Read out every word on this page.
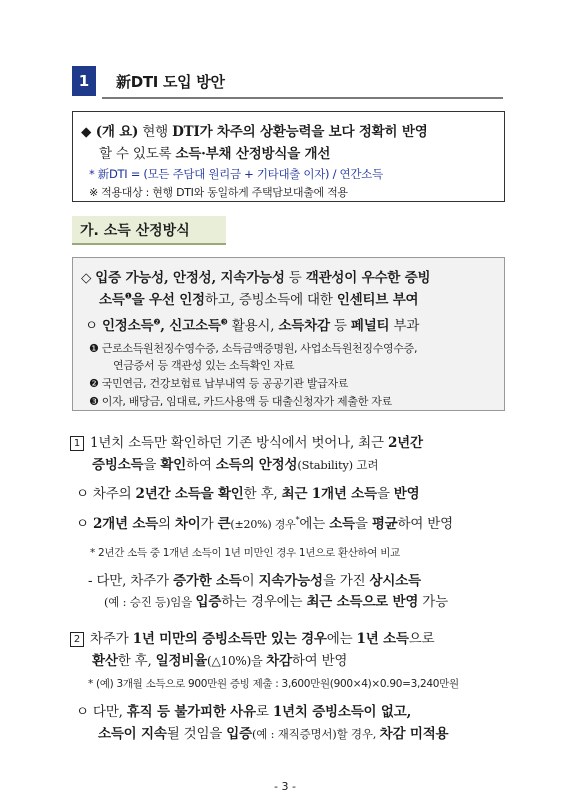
1	新DTI 도입 방안
◆ (개 요) 현행 DTI가 차주의 상환능력을 보다 정확히 반영
할 수 있도록 소득·부채 산정방식을 개선
* 新DTI = (모든 주담대 원리금 + 기타대출 이자) / 연간소득
※ 적용대상 : 현행 DTI와 동일하게 주택담보대출에 적용
가. 소득 산정방식
◇ 입증 가능성, 안정성, 지속가능성 등 객관성이 우수한 증빙
소득$^❶$을 우선 인정하고, 증빙소득에 대한 인센티브 부여
ㅇ 인정소득$^❷$, 신고소득$^❸$ 활용시, 소득차감 등 페널티 부과
❶ 근로소득원천징수영수증, 소득금액증명원, 사업소득원천징수영수증,
연금증서 등 객관성 있는 소득확인 자료
❷ 국민연금, 건강보험료 납부내역 등 공공기관 발급자료
❸ 이자, 배당금, 임대료, 카드사용액 등 대출신청자가 제출한 자료
1 1년치 소득만 확인하던 기존 방식에서 벗어나, 최근 2년간
증빙소득을 확인하여 소득의 안정성(Stability) 고려
ㅇ 차주의 2년간 소득을 확인한 후, 최근 1개년 소득을 반영
ㅇ 2개년 소득의 차이가 큰(±20%) 경우*에는 소득을 평균하여 반영
* 2년간 소득 중 1개년 소득이 1년 미만인 경우 1년으로 환산하여 비교
- 다만, 차주가 증가한 소득이 지속가능성을 가진 상시소득
(예 : 승진 등)임을 입증하는 경우에는 최근 소득으로 반영 가능
2 차주가 1년 미만의 증빙소득만 있는 경우에는 1년 소득으로
환산한 후, 일정비율(△10%)을 차감하여 반영
* (예) 3개월 소득으로 900만원 증빙 제출 : 3,600만원(900×4)×0.90=3,240만원
ㅇ 다만, 휴직 등 불가피한 사유로 1년치 증빙소득이 없고,
소득이 지속될 것임을 입증(예 : 재직증명서)할 경우, 차감 미적용
- 3 -
